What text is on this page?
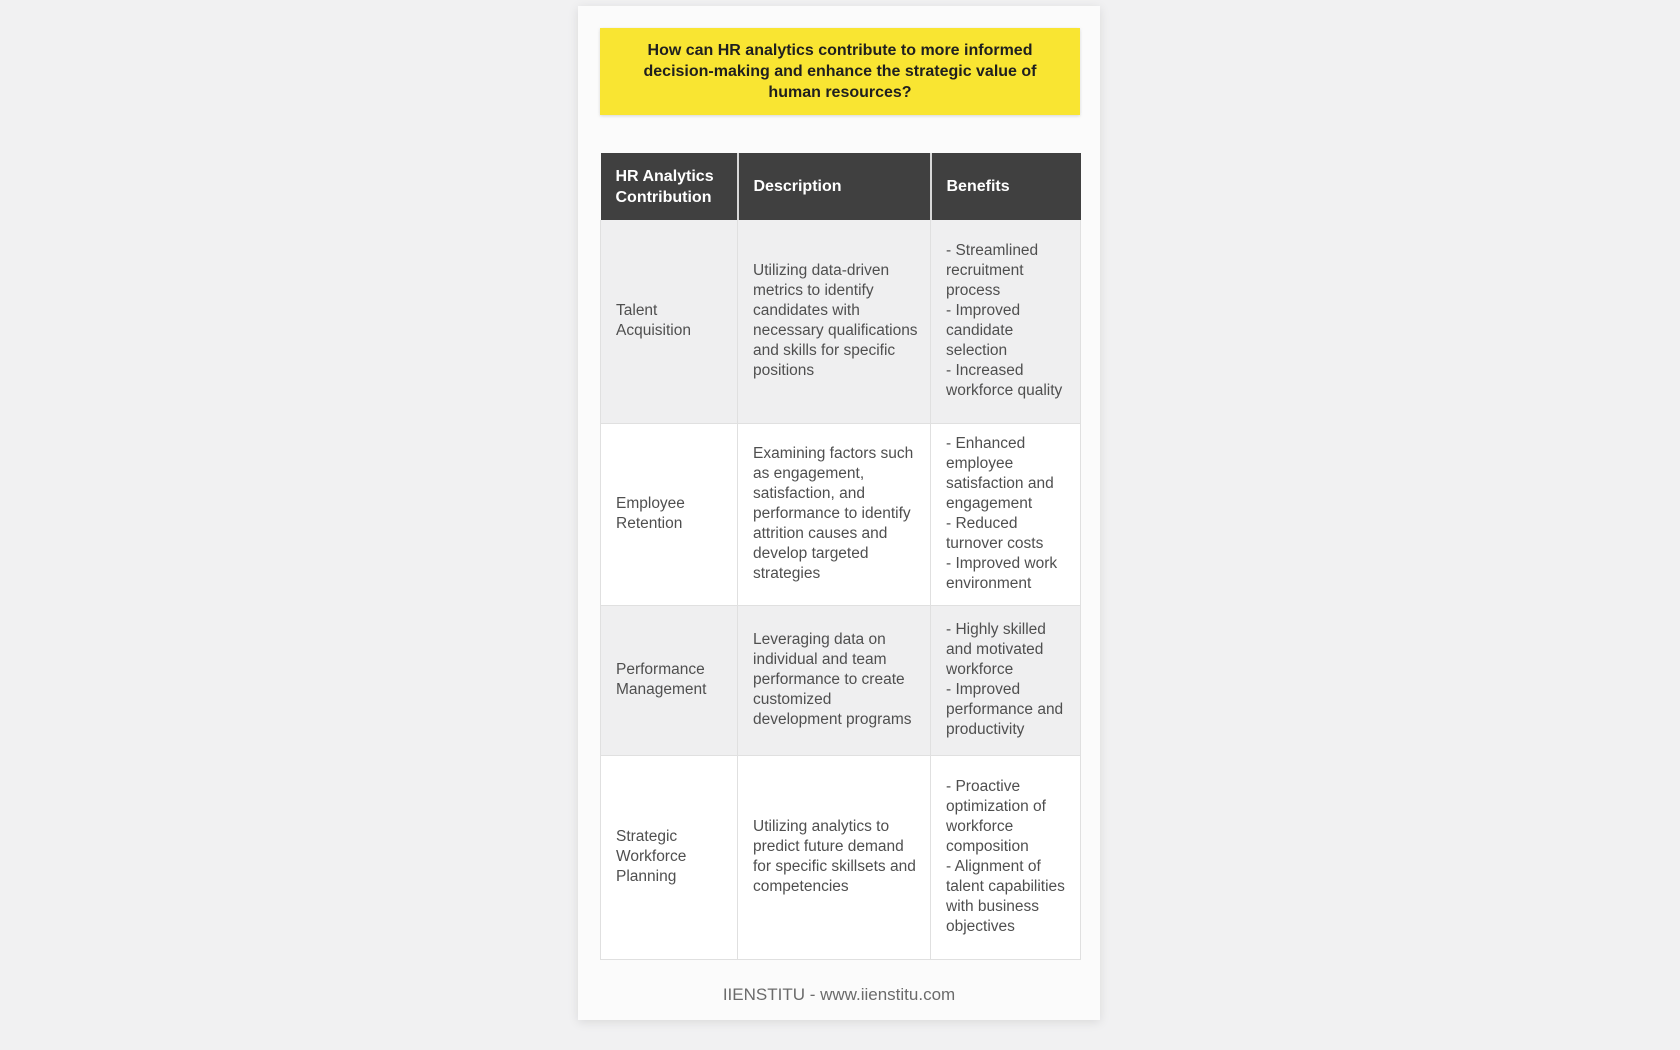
How can HR analytics contribute to more informed decision-making and enhance the strategic value of human resources?
HR Analytics Contribution	Description	Benefits
Talent Acquisition	Utilizing data-driven metrics to identify candidates with necessary qualifications and skills for specific positions	- Streamlined recruitment process
- Improved candidate selection
- Increased workforce quality

Employee Retention	Examining factors such as engagement, satisfaction, and performance to identify attrition causes and develop targeted strategies	- Enhanced employee satisfaction and engagement
- Reduced turnover costs
- Improved work environment

Performance Management	Leveraging data on individual and team performance to create customized development programs	- Highly skilled and motivated workforce
- Improved performance and productivity

Strategic Workforce Planning	Utilizing analytics to predict future demand for specific skillsets and competencies	- Proactive optimization of workforce composition
- Alignment of talent capabilities with business objectives
IIENSTITU - www.iienstitu.com
